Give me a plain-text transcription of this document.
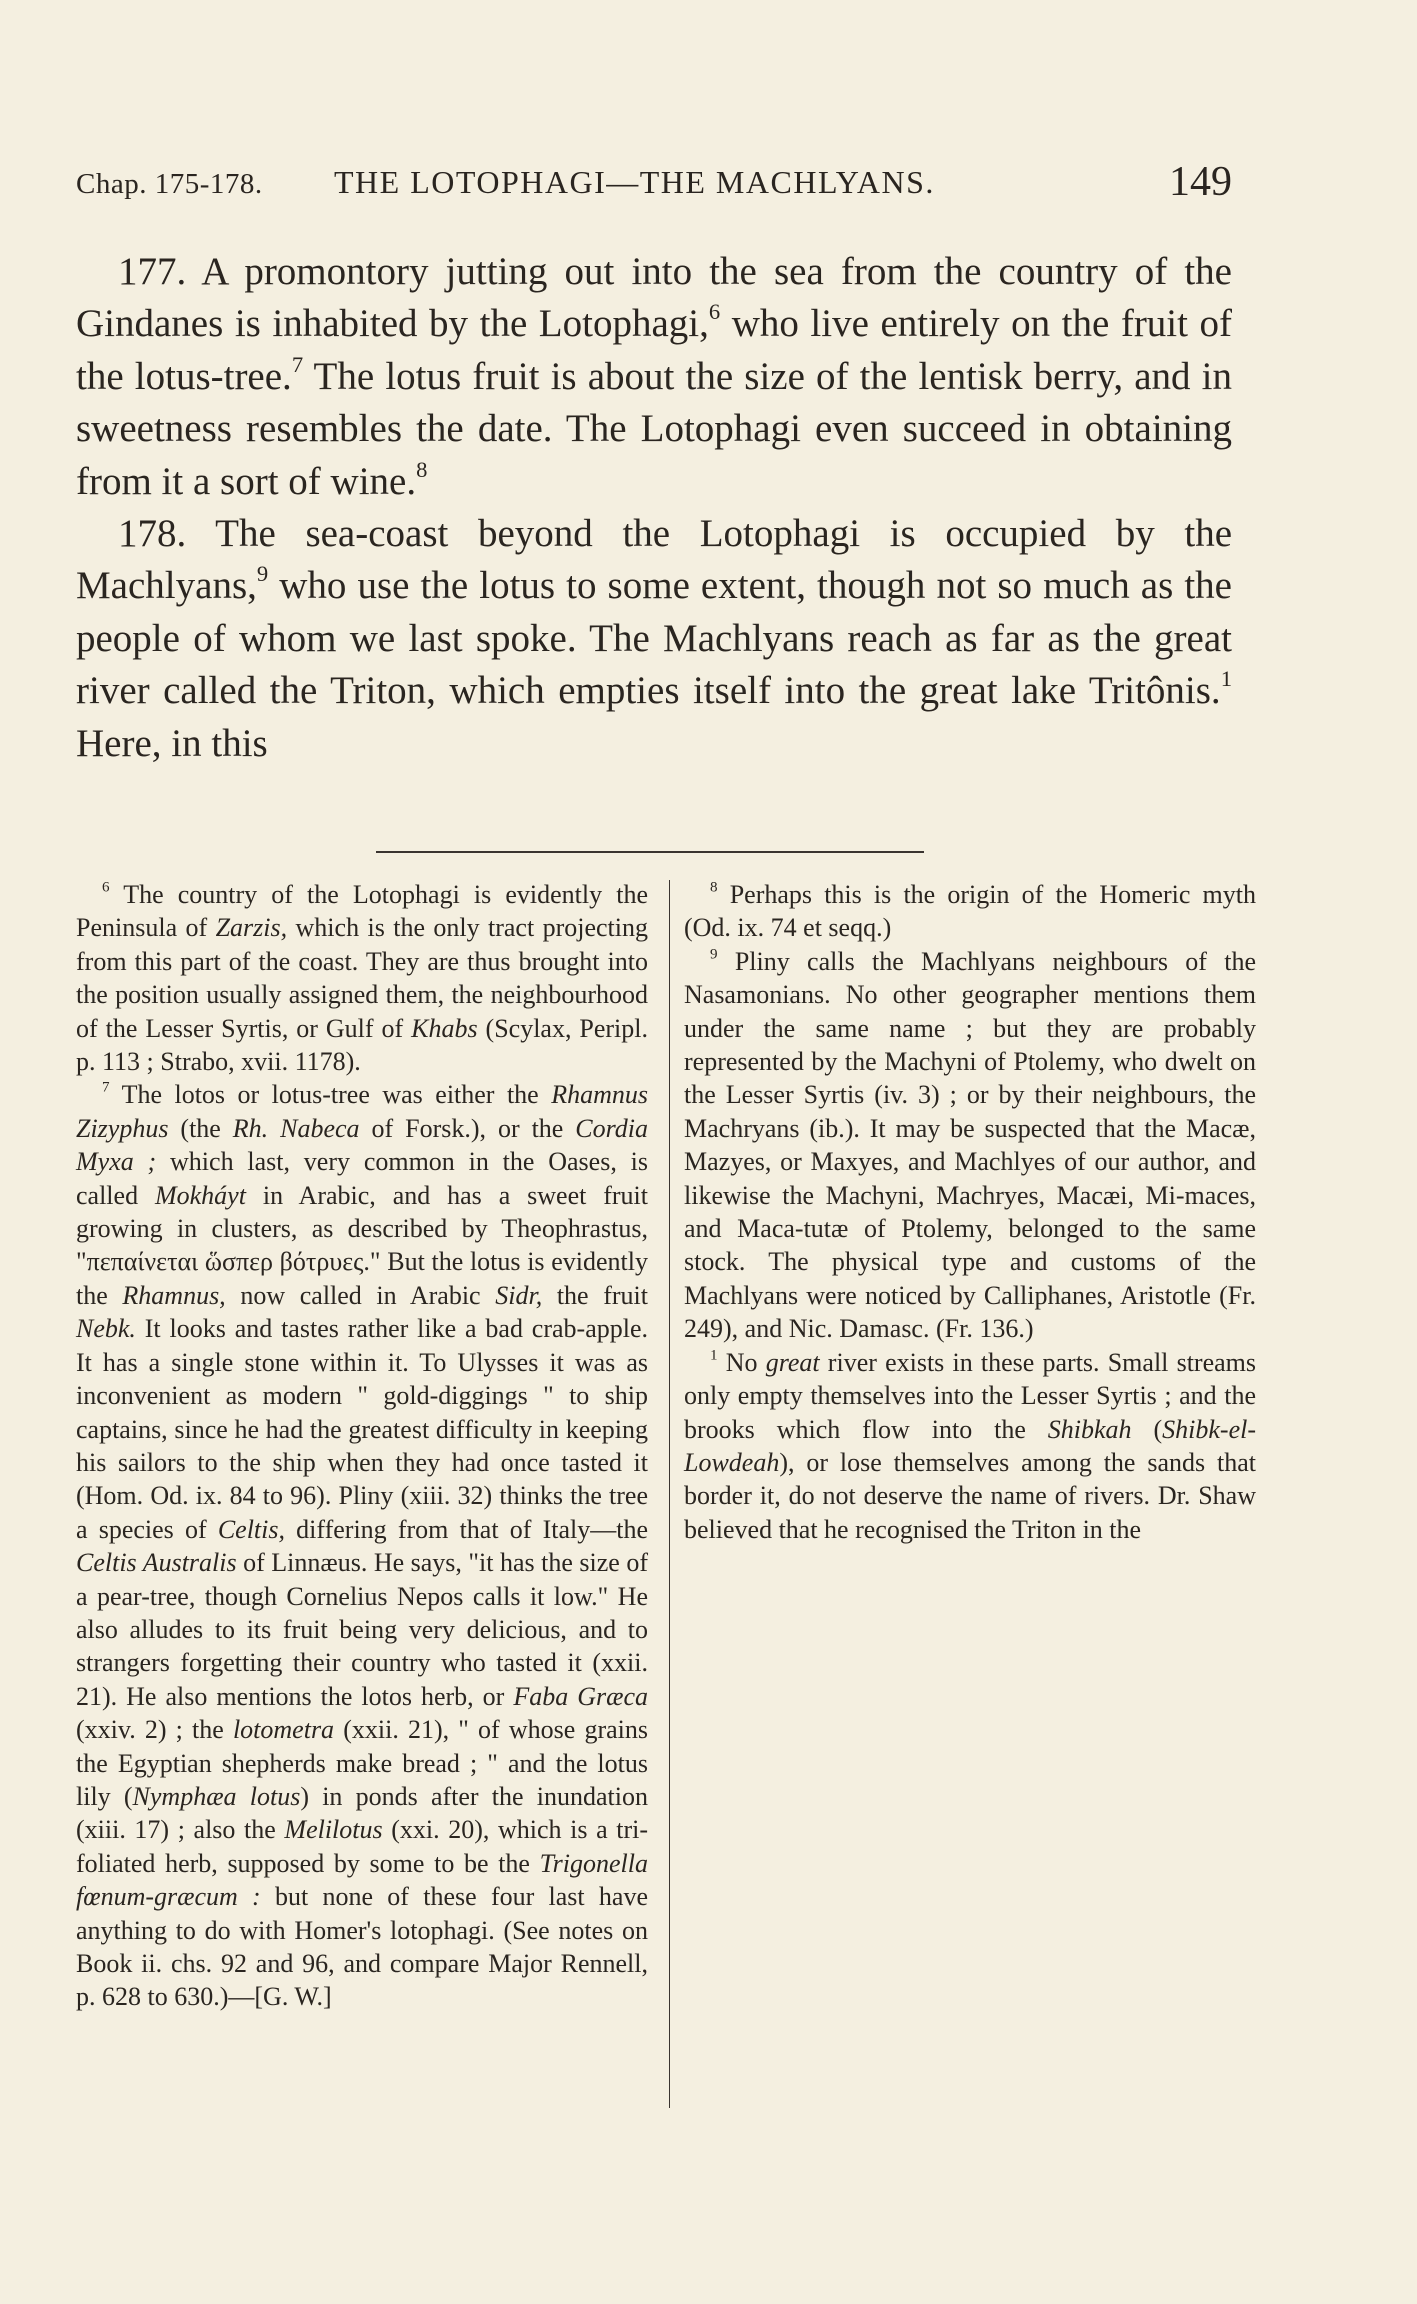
Chap. 175-178. THE LOTOPHAGI—THE MACHLYANS.	149

177. A promontory jutting out into the sea from the country of the Gindanes is inhabited by the Lotophagi,$^6$ who live entirely on the fruit of the lotus-tree.$^7$ The lotus fruit is about the size of the lentisk berry, and in sweetness resembles the date. The Lotophagi even succeed in obtaining from it a sort of wine.$^8$

178. The sea-coast beyond the Lotophagi is occupied by the Machlyans,$^9$ who use the lotus to some extent, though not so much as the people of whom we last spoke. The Machlyans reach as far as the great river called the Triton, which empties itself into the great lake Tritônis.$^1$ Here, in this

$^6$ The country of the Lotophagi is evidently the Peninsula of Zarzis, which is the only tract projecting from this part of the coast. They are thus brought into the position usually assigned them, the neighbourhood of the Lesser Syrtis, or Gulf of Khabs (Scylax, Peripl. p. 113 ; Strabo, xvii. 1178).

$^7$ The lotos or lotus-tree was either the Rhamnus Zizyphus (the Rh. Nabeca of Forsk.), or the Cordia Myxa ; which last, very common in the Oases, is called Mokháyt in Arabic, and has a sweet fruit growing in clusters, as described by Theophrastus, "πεπαίνεται ὥσπερ βότρυες." But the lotus is evidently the Rhamnus, now called in Arabic Sidr, the fruit Nebk. It looks and tastes rather like a bad crab-apple. It has a single stone within it. To Ulysses it was as inconvenient as modern " gold-diggings " to ship captains, since he had the greatest difficulty in keeping his sailors to the ship when they had once tasted it (Hom. Od. ix. 84 to 96). Pliny (xiii. 32) thinks the tree a species of Celtis, differing from that of Italy—the Celtis Australis of Linnæus. He says, "it has the size of a pear-tree, though Cornelius Nepos calls it low." He also alludes to its fruit being very delicious, and to strangers forgetting their country who tasted it (xxii. 21). He also mentions the lotos herb, or Faba Græca (xxiv. 2) ; the lotometra (xxii. 21), " of whose grains the Egyptian shepherds make bread ; " and the lotus lily (Nymphæa lotus) in ponds after the inundation (xiii. 17) ; also the Melilotus (xxi. 20), which is a tri-foliated herb, supposed by some to be the Trigonella fœnum-græcum : but none of these four last have anything to do with Homer's lotophagi. (See notes on Book ii. chs. 92 and 96, and compare Major Rennell, p. 628 to 630.)—[G. W.]

$^8$ Perhaps this is the origin of the Homeric myth (Od. ix. 74 et seqq.)

$^9$ Pliny calls the Machlyans neighbours of the Nasamonians. No other geographer mentions them under the same name ; but they are probably represented by the Machyni of Ptolemy, who dwelt on the Lesser Syrtis (iv. 3) ; or by their neighbours, the Machryans (ib.). It may be suspected that the Macæ, Mazyes, or Maxyes, and Machlyes of our author, and likewise the Machyni, Machryes, Macæi, Mi-maces, and Maca-tutæ of Ptolemy, belonged to the same stock. The physical type and customs of the Machlyans were noticed by Calliphanes, Aristotle (Fr. 249), and Nic. Damasc. (Fr. 136.)

$^1$ No great river exists in these parts. Small streams only empty themselves into the Lesser Syrtis ; and the brooks which flow into the Shibkah (Shibk-el-Lowdeah), or lose themselves among the sands that border it, do not deserve the name of rivers. Dr. Shaw believed that he recognised the Triton in the
